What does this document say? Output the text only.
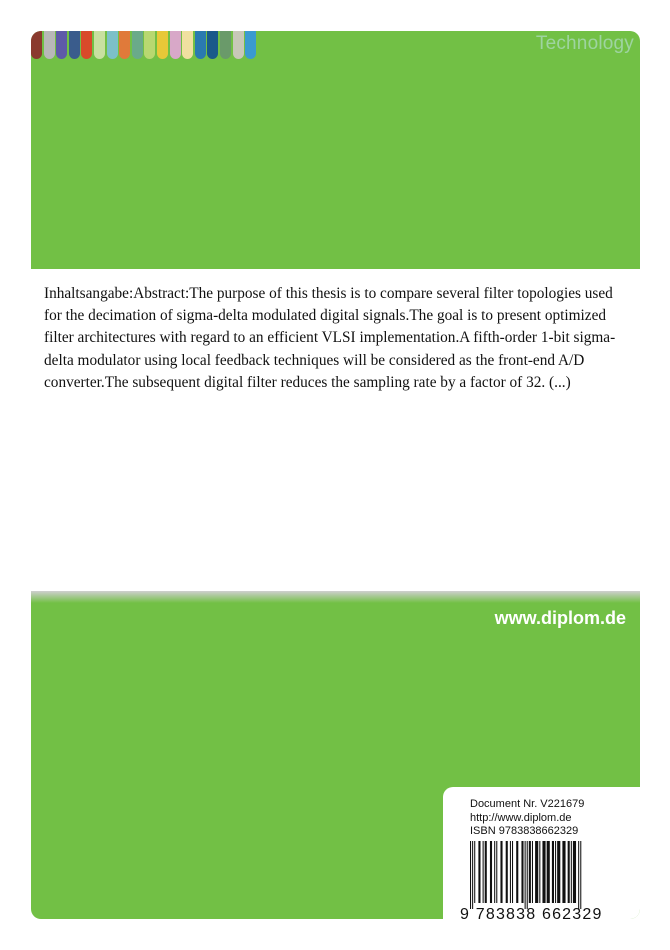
Technology

Inhaltsangabe:Abstract:The purpose of this thesis is to compare several filter topologies used for the decimation of sigma-delta modulated digital signals.The goal is to present optimized filter architectures with regard to an efficient VLSI implementation.A fifth-order 1-bit sigma-delta modulator using local feedback techniques will be considered as the front-end A/D converter.The subsequent digital filter reduces the sampling rate by a factor of 32. (...)

www.diplom.de
Document Nr. V221679
http://www.diplom.de
ISBN 9783838662329
9 783838 662329
